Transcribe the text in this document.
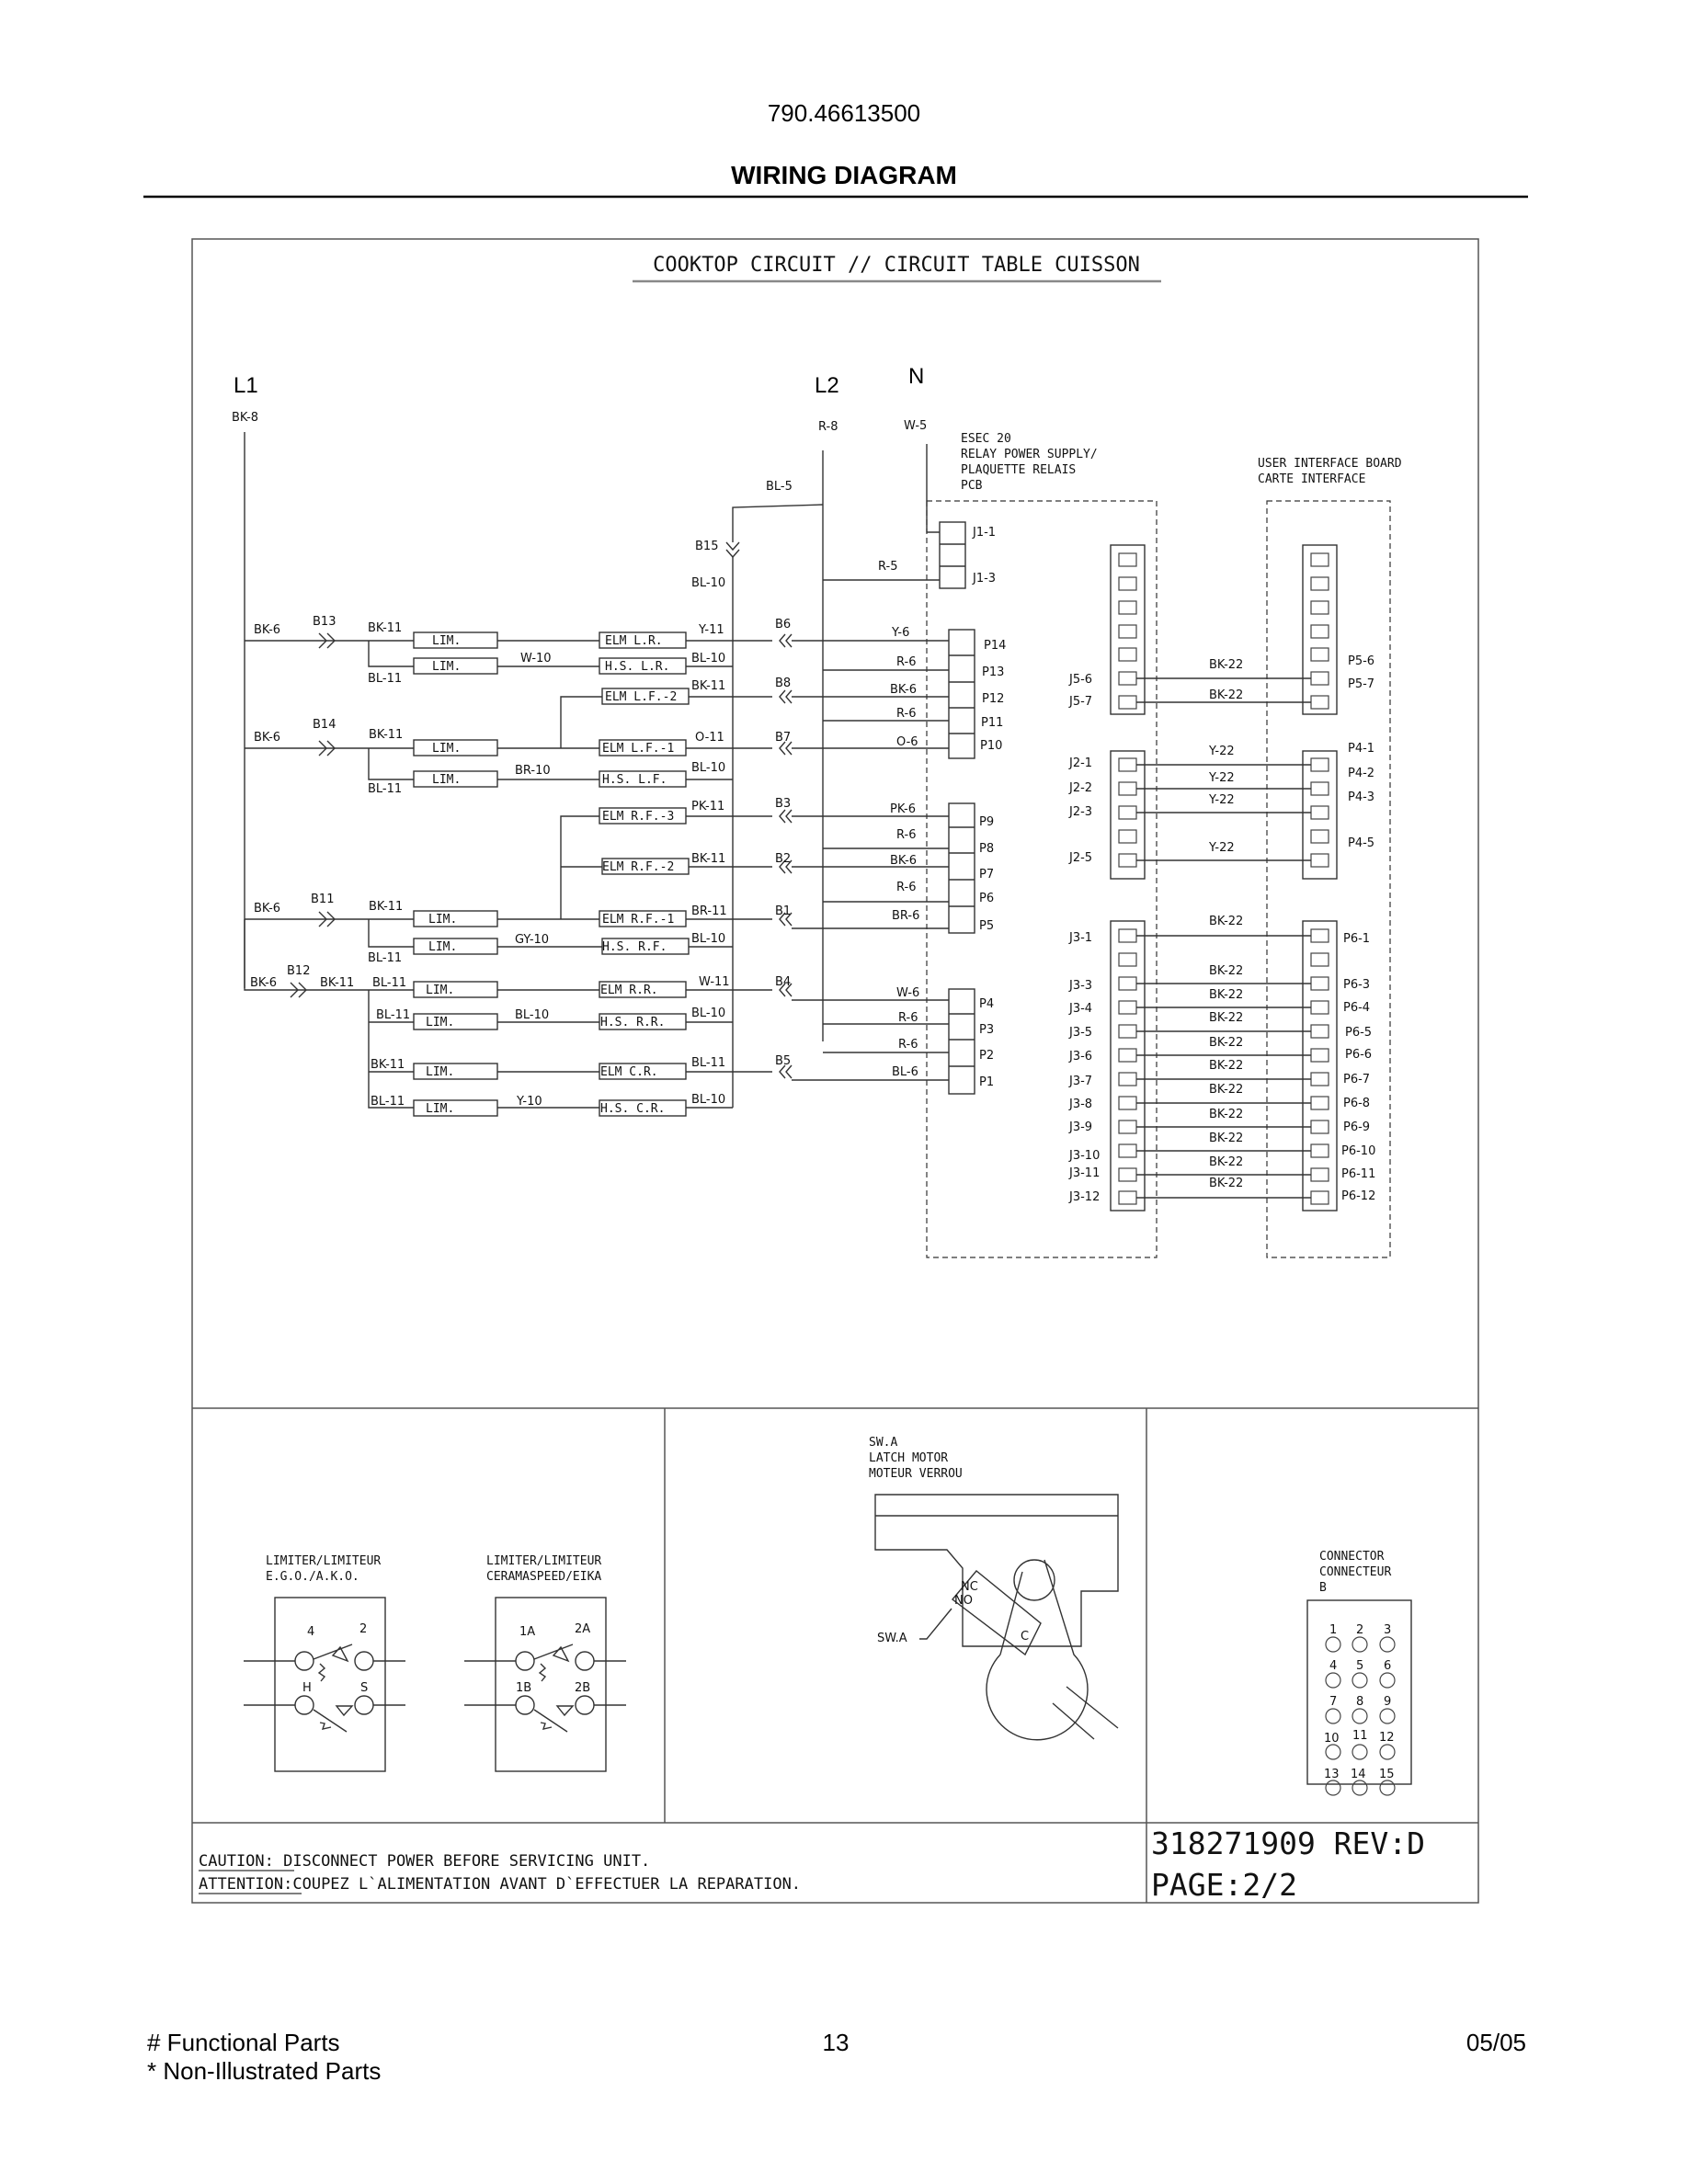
790.46613500
WIRING DIAGRAM
COOKTOP CIRCUIT // CIRCUIT TABLE CUISSON
L1
BK-8
L2
R-8
N
W-5
BL-5
B15
BL-10
R-5
ESEC 20
RELAY POWER SUPPLY/
PLAQUETTE RELAIS
PCB
J1-1
J1-3
USER INTERFACE BOARD
CARTE INTERFACE
BK-6
B13	BK-11
BL-11
BK-6
B14
BK-11
BL-11
BK-6
B11
BK-11
BL-11
BK-6
B12
BK-11 BL-11
BL-11
BK-11
BL-11
LIM.
LIM.
LIM.
LIM.
LIM.
LIM.
LIM.
LIM.
LIM.
LIM.
W-10
BR-10
GY-10
BL-10
Y-10
ELM L.R.
H.S. L.R.
ELM L.F.-2
ELM L.F.-1
H.S. L.F.
ELM R.F.-3
ELM R.F.-2
ELM R.F.-1
H.S. R.F.
ELM R.R.
H.S. R.R.
ELM C.R.
H.S. C.R.
Y-11
BL-10
BK-11
O-11
BL-10
PK-11
BK-11
BR-11
BL-10
W-11
BL-10
BL-11
BL-10
B6
B8
B7
B3
B2
B1
B4
B5
Y-6
R-6
BK-6
R-6
O-6
PK-6
R-6
BK-6
R-6
BR-6
W-6
R-6
R-6
BL-6
P14
P13
P12
P11
P10
P9
P8
P7
P6
P5
P4
P3
P2
P1
J5-6
J5-7
BK-22
BK-22
P5-6
P5-7
J2-1
J2-2
J2-3
J2-5
Y-22
Y-22
Y-22
Y-22
P4-1
P4-2
P4-3
P4-5
J3-1
J3-3
J3-4
J3-5
J3-6
J3-7
J3-8
J3-9
J3-10
J3-11
J3-12
BK-22
BK-22
BK-22
BK-22
BK-22
BK-22
BK-22
BK-22
BK-22
BK-22
BK-22
P6-1
P6-3
P6-4
P6-5
P6-6
P6-7
P6-8
P6-9
P6-10
P6-11
P6-12
LIMITER/LIMITEUR
E.G.O./A.K.O.
4	2
H	S
LIMITER/LIMITEUR
CERAMASPEED/EIKA
1A	2A
1B	2B
SW.A
LATCH MOTOR
MOTEUR VERROU
NC
NO
C
SW.A
CONNECTOR
CONNECTEUR
B
1 2 3
4 5 6
7 8 9
10 11 12
13 14 15
CAUTION: DISCONNECT POWER BEFORE SERVICING UNIT.
ATTENTION:COUPEZ L`ALIMENTATION AVANT D`EFFECTUER LA REPARATION.
318271909 REV:D
PAGE:2/2
# Functional Parts
* Non-Illustrated Parts
13	05/05
